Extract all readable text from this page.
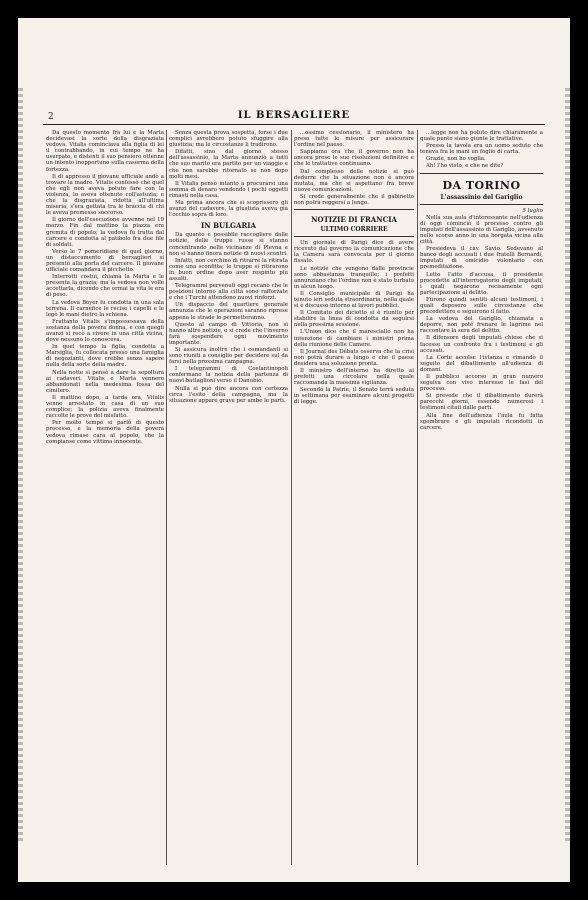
2	IL BERSAGLIERE

Da questo momento fra lui e la Marta decidevasi la sorte della disgraziata vedova. Vitalis cominciava alla figlia di lei il contrabbando, in cui tempo ne ha usurpato, e distenti il suo pensiero ottenne un intento inopportuno sulla caserma della fortezza.

Il di appresso il giovane ufficiale andò a trovare la madre. Vitalis confessò che quel che egli non aveva potuto fare con la violenza, lo aveva ottenuto coll'astuzia; e che la disgraziata, ridotta all'ultima miseria, s'era gettata tra le braccia di chi le aveva promesso soccorso.

Il giorno dell'esecuzione avvenne nel 19 marzo. Fin dal mattino la piazza era gremita di popolo; la vedova fu tratta dal carcere e condotta al patibolo fra due file di soldati.

Verso le 7 pomeridiane di quel giorno, un distaccamento di bersaglieri si presentò alla porta del carcere. Il giovane ufficiale comandava il picchetto.

Interrotti costui, chiama la Marta e le presenta la grazia; ma la vedova non volle accettarla, dicendo che ormai la vita le era di peso.

La vedova Boyer fu condotta in una sala terrena. Il carnefice le recise i capelli e le legò le mani dietro la schiena.

Frattanto Vitalis s'impossessava della sostanza della povera donna, e con quegli avanzi si recò a vivere in una città vicina, dove nessuno lo conosceva.

In quel tempo la figlia, condotta a Marsiglia, fu collocata presso una famiglia di negozianti, dove crebbe senza sapere nulla della sorte della madre.

Nella notte si pensò a dare la sepoltura ai cadaveri. Vitalis e Marta vennero abbandonati nella medesima fossa del cimitero.

Il mattino dopo, a tarda ora, Vitalis venne arrestato in casa di un suo complice; la polizia aveva finalmente raccolte le prove del misfatto.

Per molto tempo si parlò di questo processo, e la memoria della povera vedova rimase cara al popolo, che la compianse come vittima innocente.

Senza questa prova sospetta, forse i due complici avrebbero potuto sfuggire alla giustizia; ma le circostanze li tradirono.

Difatti, sino dal giorno stesso dell'assassinio, la Marta annunziò a tutti che suo marito era partito per un viaggio e che non sarebbe ritornato se non dopo molti mesi.

Il Vitalis pensò intanto a procurarsi una somma di denaro vendendo i pochi oggetti rimasti nella casa.

Ma prima ancora che si scoprissero gli avanzi del cadavere, la giustizia aveva già l'occhio sopra di loro.

IN BULGARIA

Da quanto è possibile raccogliere dalle notizie, delle truppe russe si stanno concentrando nelle vicinanze di Plevna e non si hanno finora notizie di nuovi scontri.

Infatti, non cerchino di ritrarre la ritirata come una sconfitta; le truppe si ritirarono in buon ordine dopo aver respinto più assalti.

Telegrammi pervenuti oggi recano che le posizioni intorno alla città sono rafforzate e che i Turchi attendono nuovi rinforzi.

Un dispaccio del quartiere generale annunzia che le operazioni saranno riprese appena le strade lo permetteranno.

Questo al campo di Vittoria, non si hanno altre notizie, e si crede che l'inverno farà sospendere ogni movimento importante.

Si assicura inoltre che i comandanti si sono riuniti a consiglio per decidere sul da farsi nella prossima campagna.

I telegrammi di Costantinopoli confermano la notizia della partenza di nuovi battaglioni verso il Danubio.

Nulla si può dire ancora con certezza circa l'esito della campagna, ma la situazione appare grave per ambe le parti.

...ossimo cessionario, il ministero ha preso tutte le misure per assicurare l'ordine nel paese.

Sappiamo ora che il governo non ha ancora prese le sue risoluzioni definitive e che le trattative continuano.

Dal complesso delle notizie si può dedurre che la situazione non è ancora mutata, ma che si aspettano fra breve nuove comunicazioni.

Si crede generalmente che il gabinetto non potrà reggersi a lungo.

NOTIZIE DI FRANCIA
ULTIMO CORRIERE

Un giornale di Parigi dice di avere ricevuto dal governo la comunicazione che la Camera sarà convocata per il giorno fissato.

Le notizie che vengono dalle provincie sono abbastanza tranquille; i prefetti annunziano che l'ordine non è stato turbato in alcun luogo.

Il Consiglio municipale di Parigi ha tenuto ieri seduta straordinaria, nella quale si è discusso intorno ai lavori pubblici.

Il Comitato dei diciotto si è riunito per stabilire la linea di condotta da seguirsi nella prossima sessione.

L'Union dice che il maresciallo non ha intenzione di cambiare i ministri prima della riunione delle Camere.

Il Journal des Débats osserva che la crisi non potrà durare a lungo e che il paese desidera una soluzione pronta.

Il ministro dell'interno ha diretto ai prefetti una circolare nella quale raccomanda la massima vigilanza.

Secondo la Patrie, il Senato terrà seduta in settimana per esaminare alcuni progetti di legge.

...legge non ha potuto dire chiaramente a quale punto siano giunte le trattative.

Presso la tavola era un uomo seduto che teneva fra le mani un foglio di carta.

Grazie, non ho voglia.

Ah! l'ho visto, e che ne dite?

DA TORINO
L'assassinio del Gariglio
5 luglio

Nella sua aula d'interessante nell'udienza di oggi cominciò il processo contro gli imputati dell'assassinio di Gariglio, avvenuto nello scorso anno in una borgata vicina alla città.

Presiedeva il cav. Savio. Sedevano al banco degli accusati i due fratelli Bernardi, imputati di omicidio volontario con premeditazione.

Letto l'atto d'accusa, il presidente procedette all'interrogatorio degli imputati, i quali negarono recisamente ogni partecipazione al delitto.

Furono quindi sentiti alcuni testimoni, i quali deposero sulle circostanze che precedettero e seguirono il fatto.

La vedova del Gariglio, chiamata a deporre, non poté frenare le lagrime nel raccontare la sera del delitto.

Il difensore degli imputati chiese che si facesse un confronto fra i testimoni e gli accusati.

La Corte accolse l'istanza e rimandò il seguito del dibattimento all'udienza di domani.

Il pubblico accorso in gran numero seguiva con vivo interesse le fasi del processo.

Si prevede che il dibattimento durerà parecchi giorni, essendo numerosi i testimoni citati dalle parti.

Alla fine dell'udienza l'aula fu fatta sgombrare e gli imputati ricondotti in carcere.
